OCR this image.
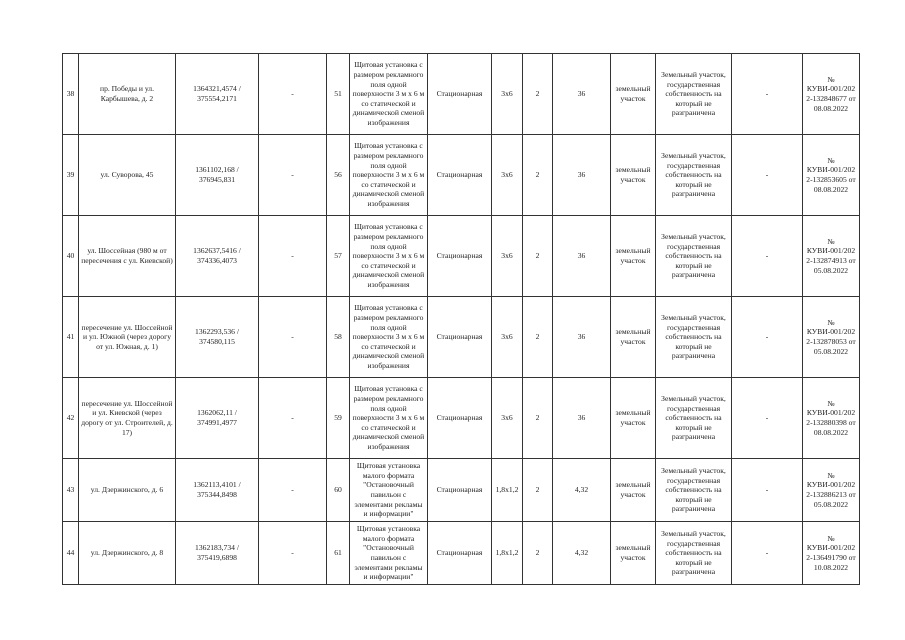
38	пр. Победы и ул. Карбышева, д. 2	1364321,4574 / 375554,2171	-	51	Щитовая установка с размером рекламного поля одной поверхности 3 м х 6 м со статической и динамической сменой изображения	Стационарная	3х6	2	36	земельный участок	Земельный участок, государственная собственность на который не разграничена	-	№ КУВИ-001/2022-132848677 от 08.08.2022
39	ул. Суворова, 45	1361102,168 / 376945,831	-	56	Щитовая установка с размером рекламного поля одной поверхности 3 м х 6 м со статической и динамической сменой изображения	Стационарная	3х6	2	36	земельный участок	Земельный участок, государственная собственность на который не разграничена	-	№ КУВИ-001/2022-132853605 от 08.08.2022
40	ул. Шоссейная (980 м от пересечения с ул. Киевской)	1362637,5416 / 374336,4073	-	57	Щитовая установка с размером рекламного поля одной поверхности 3 м х 6 м со статической и динамической сменой изображения	Стационарная	3х6	2	36	земельный участок	Земельный участок, государственная собственность на который не разграничена	-	№ КУВИ-001/2022-132874913 от 05.08.2022
41	пересечение ул. Шоссейной и ул. Южной (через дорогу от ул. Южная, д. 1)	1362293,536 / 374580,115	-	58	Щитовая установка с размером рекламного поля одной поверхности 3 м х 6 м со статической и динамической сменой изображения	Стационарная	3х6	2	36	земельный участок	Земельный участок, государственная собственность на который не разграничена	-	№ КУВИ-001/2022-132878053 от 05.08.2022
42	пересечение ул. Шоссейной и ул. Киевской (через дорогу от ул. Строителей, д. 17)	1362062,11 / 374991,4977	-	59	Щитовая установка с размером рекламного поля одной поверхности 3 м х 6 м со статической и динамической сменой изображения	Стационарная	3х6	2	36	земельный участок	Земельный участок, государственная собственность на который не разграничена	-	№ КУВИ-001/2022-132880398 от 08.08.2022
43	ул. Дзержинского, д. 6	1362113,4101 / 375344,8498	-	60	Щитовая установка малого формата "Остановочный павильон с элементами рекламы и информации"	Стационарная	1,8х1,2	2	4,32	земельный участок	Земельный участок, государственная собственность на который не разграничена	-	№ КУВИ-001/2022-132886213 от 05.08.2022
44	ул. Дзержинского, д. 8	1362183,734 / 375419,6898	-	61	Щитовая установка малого формата "Остановочный павильон с элементами рекламы и информации"	Стационарная	1,8х1,2	2	4,32	земельный участок	Земельный участок, государственная собственность на который не разграничена	-	№ КУВИ-001/2022-136491790 от 10.08.2022
